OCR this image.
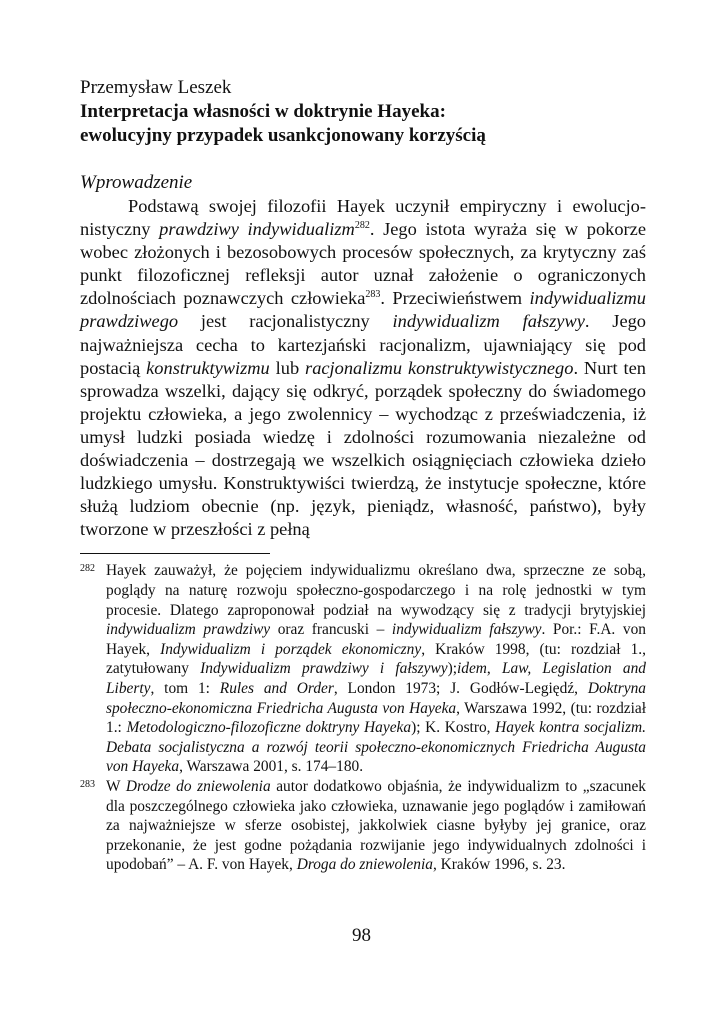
Przemysław Leszek

Interpretacja własności w doktrynie Hayeka:

ewolucyjny przypadek usankcjonowany korzyścią

Wprowadzenie

Podstawą swojej filozofii Hayek uczynił empiryczny i ewolucjonistyczny prawdziwy indywidualizm$^{282}$. Jego istota wyraża się w pokorze wobec złożonych i bezosobowych procesów społecznych, za krytyczny zaś punkt filozoficznej refleksji autor uznał założenie o ograniczonych zdolnościach poznawczych człowieka$^{283}$. Przeciwieństwem indywidualizmu prawdziwego jest racjonalistyczny indywidualizm fałszywy. Jego najważniejsza cecha to kartezjański racjonalizm, ujawniający się pod postacią konstruktywizmu lub racjonalizmu konstruktywistycznego. Nurt ten sprowadza wszelki, dający się odkryć, porządek społeczny do świadomego projektu człowieka, a jego zwolennicy – wychodząc z przeświadczenia, iż umysł ludzki posiada wiedzę i zdolności rozumowania niezależne od doświadczenia – dostrzegają we wszelkich osiągnięciach człowieka dzieło ludzkiego umysłu. Konstruktywiści twierdzą, że instytucje społeczne, które służą ludziom obecnie (np. język, pieniądz, własność, państwo), były tworzone w przeszłości z pełną

282 Hayek zauważył, że pojęciem indywidualizmu określano dwa, sprzeczne ze sobą, poglądy na naturę rozwoju społeczno-gospodarczego i na rolę jednostki w tym procesie. Dlatego zaproponował podział na wywodzący się z tradycji brytyjskiej indywidualizm prawdziwy oraz francuski – indywidualizm fałszywy. Por.: F.A. von Hayek, Indywidualizm i porządek ekonomiczny, Kraków 1998, (tu: rozdział 1., zatytułowany Indywidualizm prawdziwy i fałszywy);idem, Law, Legislation and Liberty, tom 1: Rules and Order, London 1973; J. Godłów-Legiędź, Doktryna społeczno-ekonomiczna Friedricha Augusta von Hayeka, Warszawa 1992, (tu: rozdział 1.: Metodologiczno-filozoficzne doktryny Hayeka); K. Kostro, Hayek kontra socjalizm. Debata socjalistyczna a rozwój teorii społeczno-ekonomicznych Friedricha Augusta von Hayeka, Warszawa 2001, s. 174–180.

283 W Drodze do zniewolenia autor dodatkowo objaśnia, że indywidualizm to „szacunek dla poszczególnego człowieka jako człowieka, uznawanie jego poglądów i zamiłowań za najważniejsze w sferze osobistej, jakkolwiek ciasne byłyby jej granice, oraz przekonanie, że jest godne pożądania rozwijanie jego indywidualnych zdolności i upodobań” – A. F. von Hayek, Droga do zniewolenia, Kraków 1996, s. 23.

98
